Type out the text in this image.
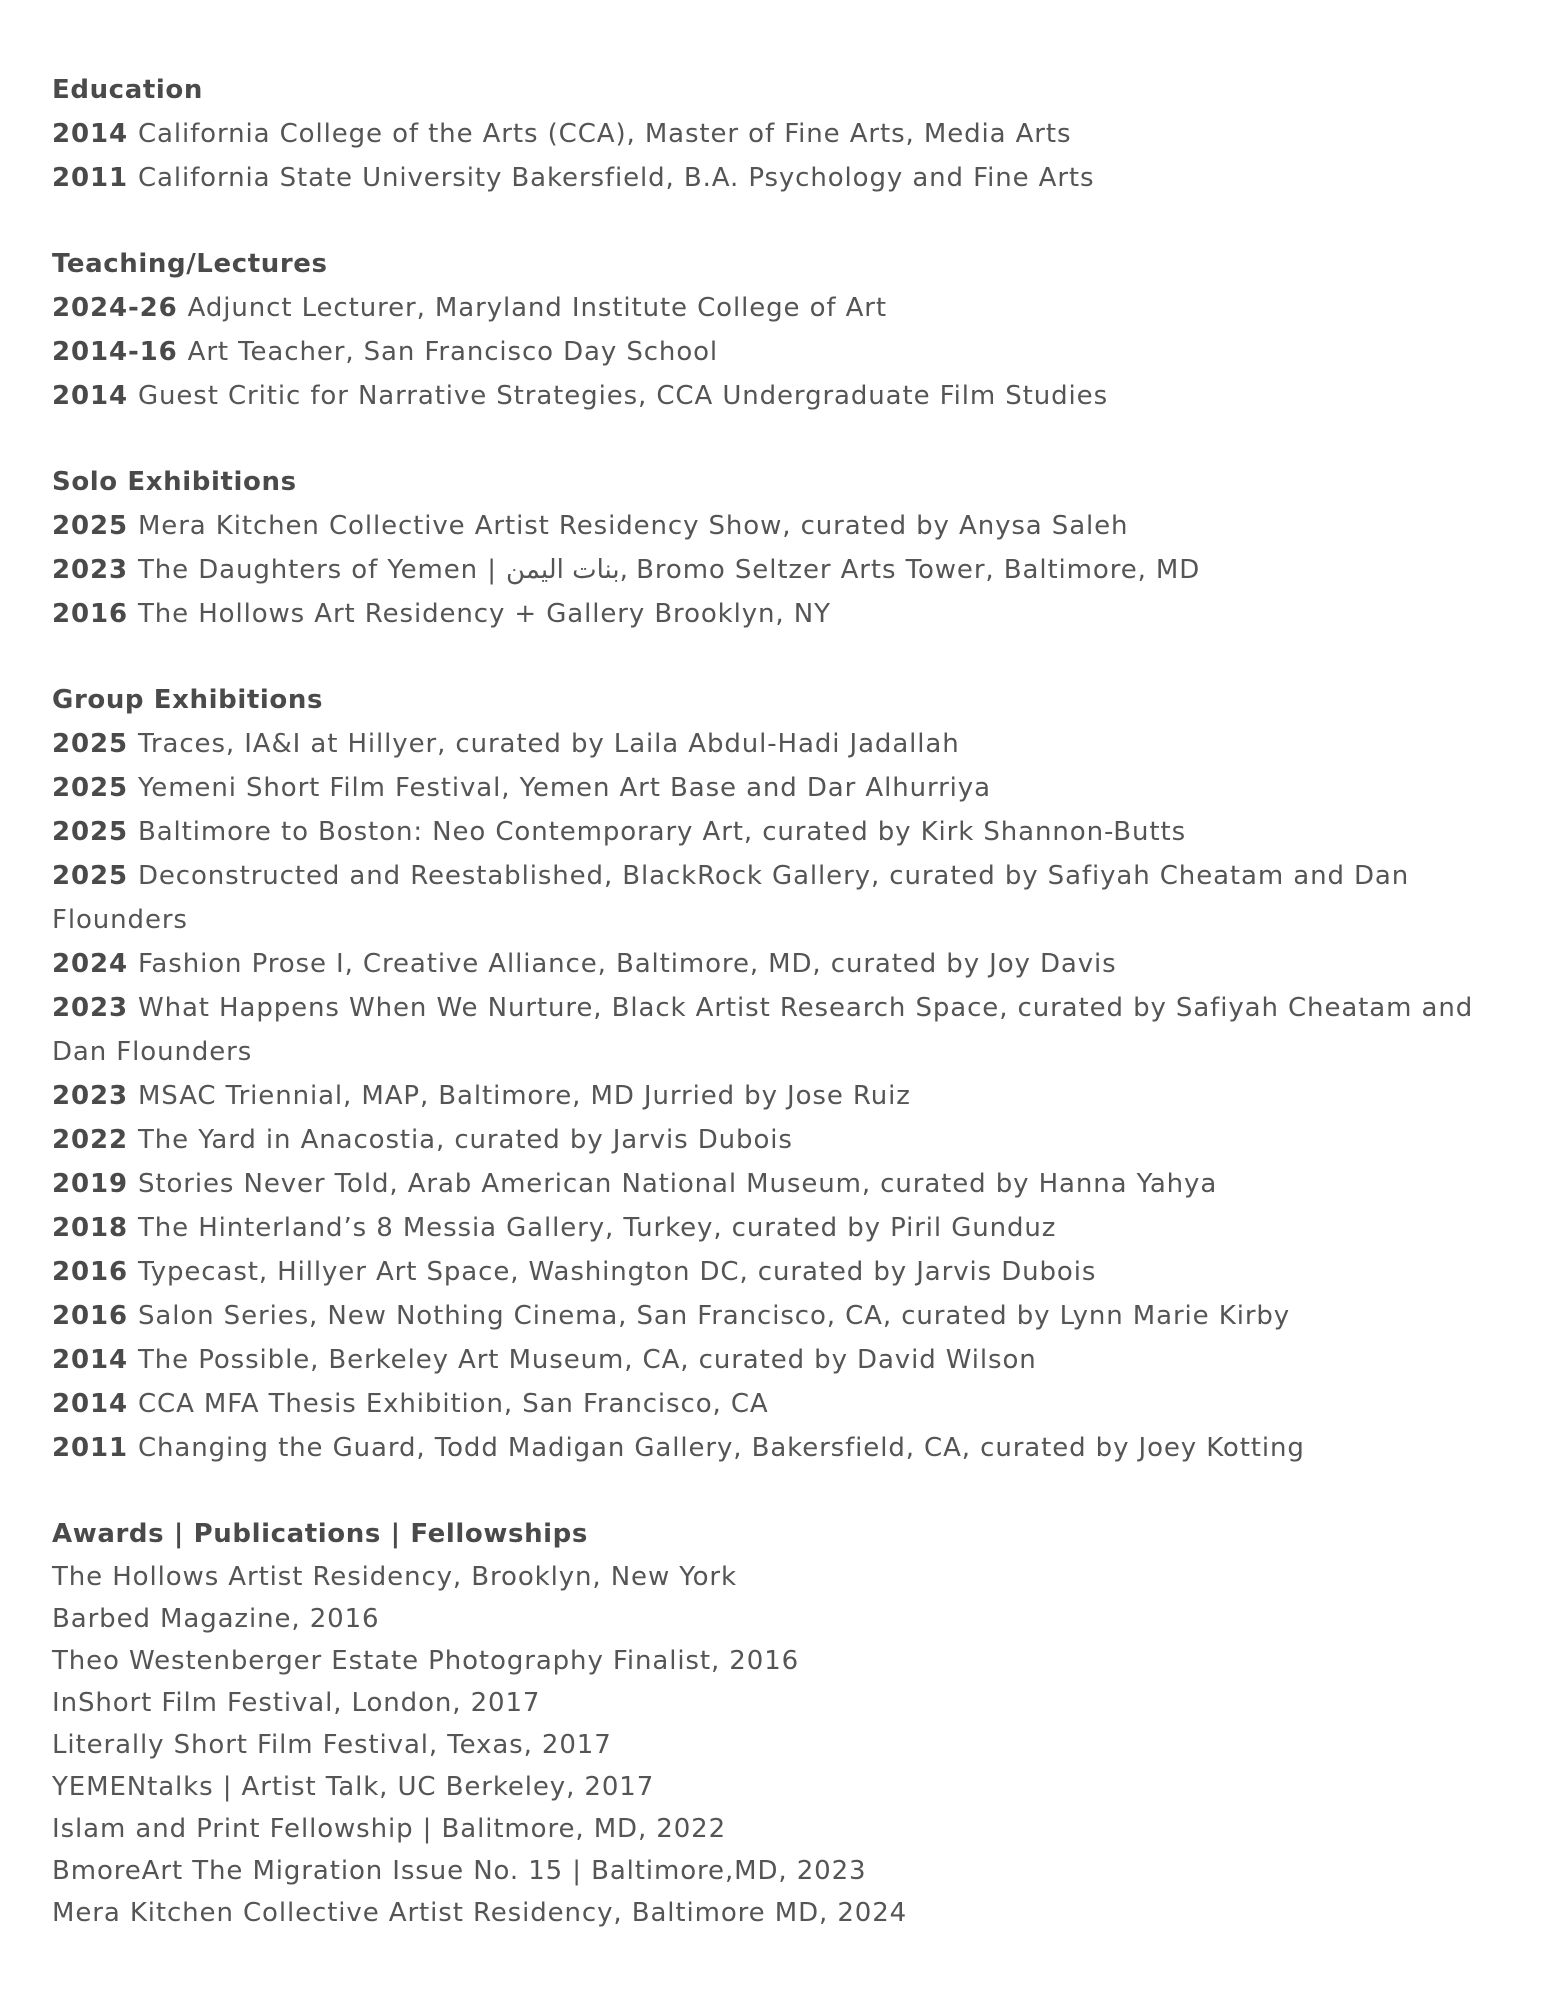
Education

2014 California College of the Arts (CCA), Master of Fine Arts, Media Arts

2011 California State University Bakersfield, B.A. Psychology and Fine Arts

Teaching/Lectures

2024-26 Adjunct Lecturer, Maryland Institute College of Art

2014-16 Art Teacher, San Francisco Day School

2014 Guest Critic for Narrative Strategies, CCA Undergraduate Film Studies

Solo Exhibitions

2025 Mera Kitchen Collective Artist Residency Show, curated by Anysa Saleh

2023 The Daughters of Yemen | بنات اليمن, Bromo Seltzer Arts Tower, Baltimore, MD

2016 The Hollows Art Residency + Gallery Brooklyn, NY

Group Exhibitions

2025 Traces, IA&I at Hillyer, curated by Laila Abdul-Hadi Jadallah

2025 Yemeni Short Film Festival, Yemen Art Base and Dar Alhurriya

2025 Baltimore to Boston: Neo Contemporary Art, curated by Kirk Shannon-Butts

2025 Deconstructed and Reestablished, BlackRock Gallery, curated by Safiyah Cheatam and Dan Flounders

2024 Fashion Prose I, Creative Alliance, Baltimore, MD, curated by Joy Davis

2023 What Happens When We Nurture, Black Artist Research Space, curated by Safiyah Cheatam and Dan Flounders

2023 MSAC Triennial, MAP, Baltimore, MD Jurried by Jose Ruiz

2022 The Yard in Anacostia, curated by Jarvis Dubois

2019 Stories Never Told, Arab American National Museum, curated by Hanna Yahya

2018 The Hinterland’s 8 Messia Gallery, Turkey, curated by Piril Gunduz

2016 Typecast, Hillyer Art Space, Washington DC, curated by Jarvis Dubois

2016 Salon Series, New Nothing Cinema, San Francisco, CA, curated by Lynn Marie Kirby

2014 The Possible, Berkeley Art Museum, CA, curated by David Wilson

2014 CCA MFA Thesis Exhibition, San Francisco, CA

2011 Changing the Guard, Todd Madigan Gallery, Bakersfield, CA, curated by Joey Kotting

Awards | Publications | Fellowships

The Hollows Artist Residency, Brooklyn, New York

Barbed Magazine, 2016

Theo Westenberger Estate Photography Finalist, 2016

InShort Film Festival, London, 2017

Literally Short Film Festival, Texas, 2017

YEMENtalks | Artist Talk, UC Berkeley, 2017

Islam and Print Fellowship | Balitmore, MD, 2022

BmoreArt The Migration Issue No. 15 | Baltimore,MD, 2023

Mera Kitchen Collective Artist Residency, Baltimore MD, 2024
